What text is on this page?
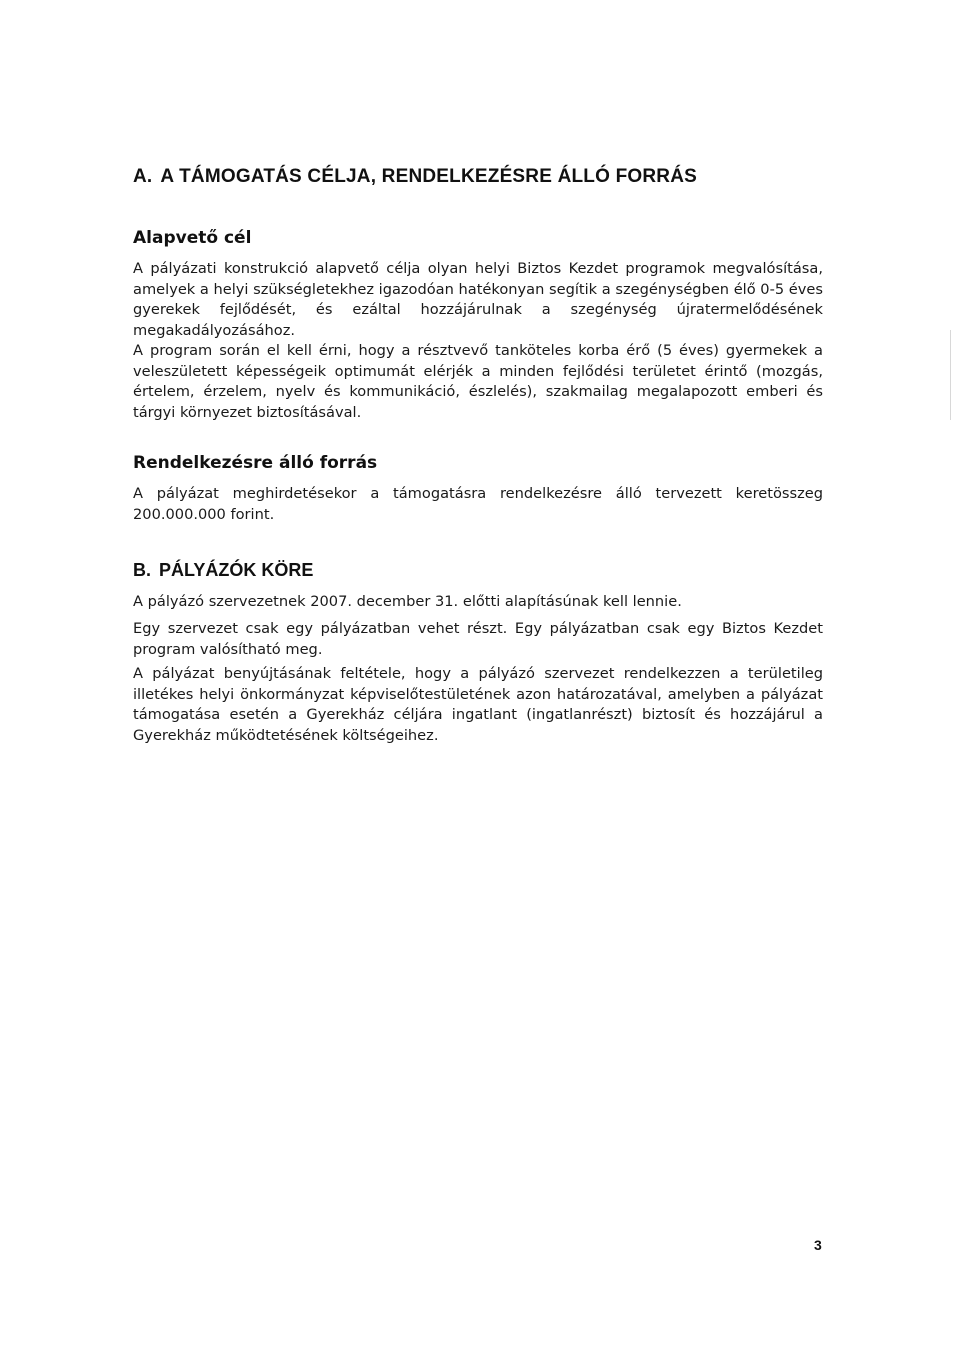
A. A TÁMOGATÁS CÉLJA, RENDELKEZÉSRE ÁLLÓ FORRÁS
Alapvető cél

A pályázati konstrukció alapvető célja olyan helyi Biztos Kezdet programok megvalósítása, amelyek a helyi szükségletekhez igazodóan hatékonyan segítik a szegénységben élő 0-5 éves gyerekek fejlődését, és ezáltal hozzájárulnak a szegénység újratermelődésének megakadályozásához.

A program során el kell érni, hogy a résztvevő tanköteles korba érő (5 éves) gyermekek a veleszületett képességeik optimumát elérjék a minden fejlődési területet érintő (mozgás, értelem, érzelem, nyelv és kommunikáció, észlelés), szakmailag megalapozott emberi és tárgyi környezet biztosításával.

Rendelkezésre álló forrás

A pályázat meghirdetésekor a támogatásra rendelkezésre álló tervezett keretösszeg 200.000.000 forint.

B. PÁLYÁZÓK KÖRE

A pályázó szervezetnek 2007. december 31. előtti alapításúnak kell lennie.

Egy szervezet csak egy pályázatban vehet részt. Egy pályázatban csak egy Biztos Kezdet program valósítható meg.

A pályázat benyújtásának feltétele, hogy a pályázó szervezet rendelkezzen a területileg illetékes helyi önkormányzat képviselőtestületének azon határozatával, amelyben a pályázat támogatása esetén a Gyerekház céljára ingatlant (ingatlanrészt) biztosít és hozzájárul a Gyerekház működtetésének költségeihez.

3
